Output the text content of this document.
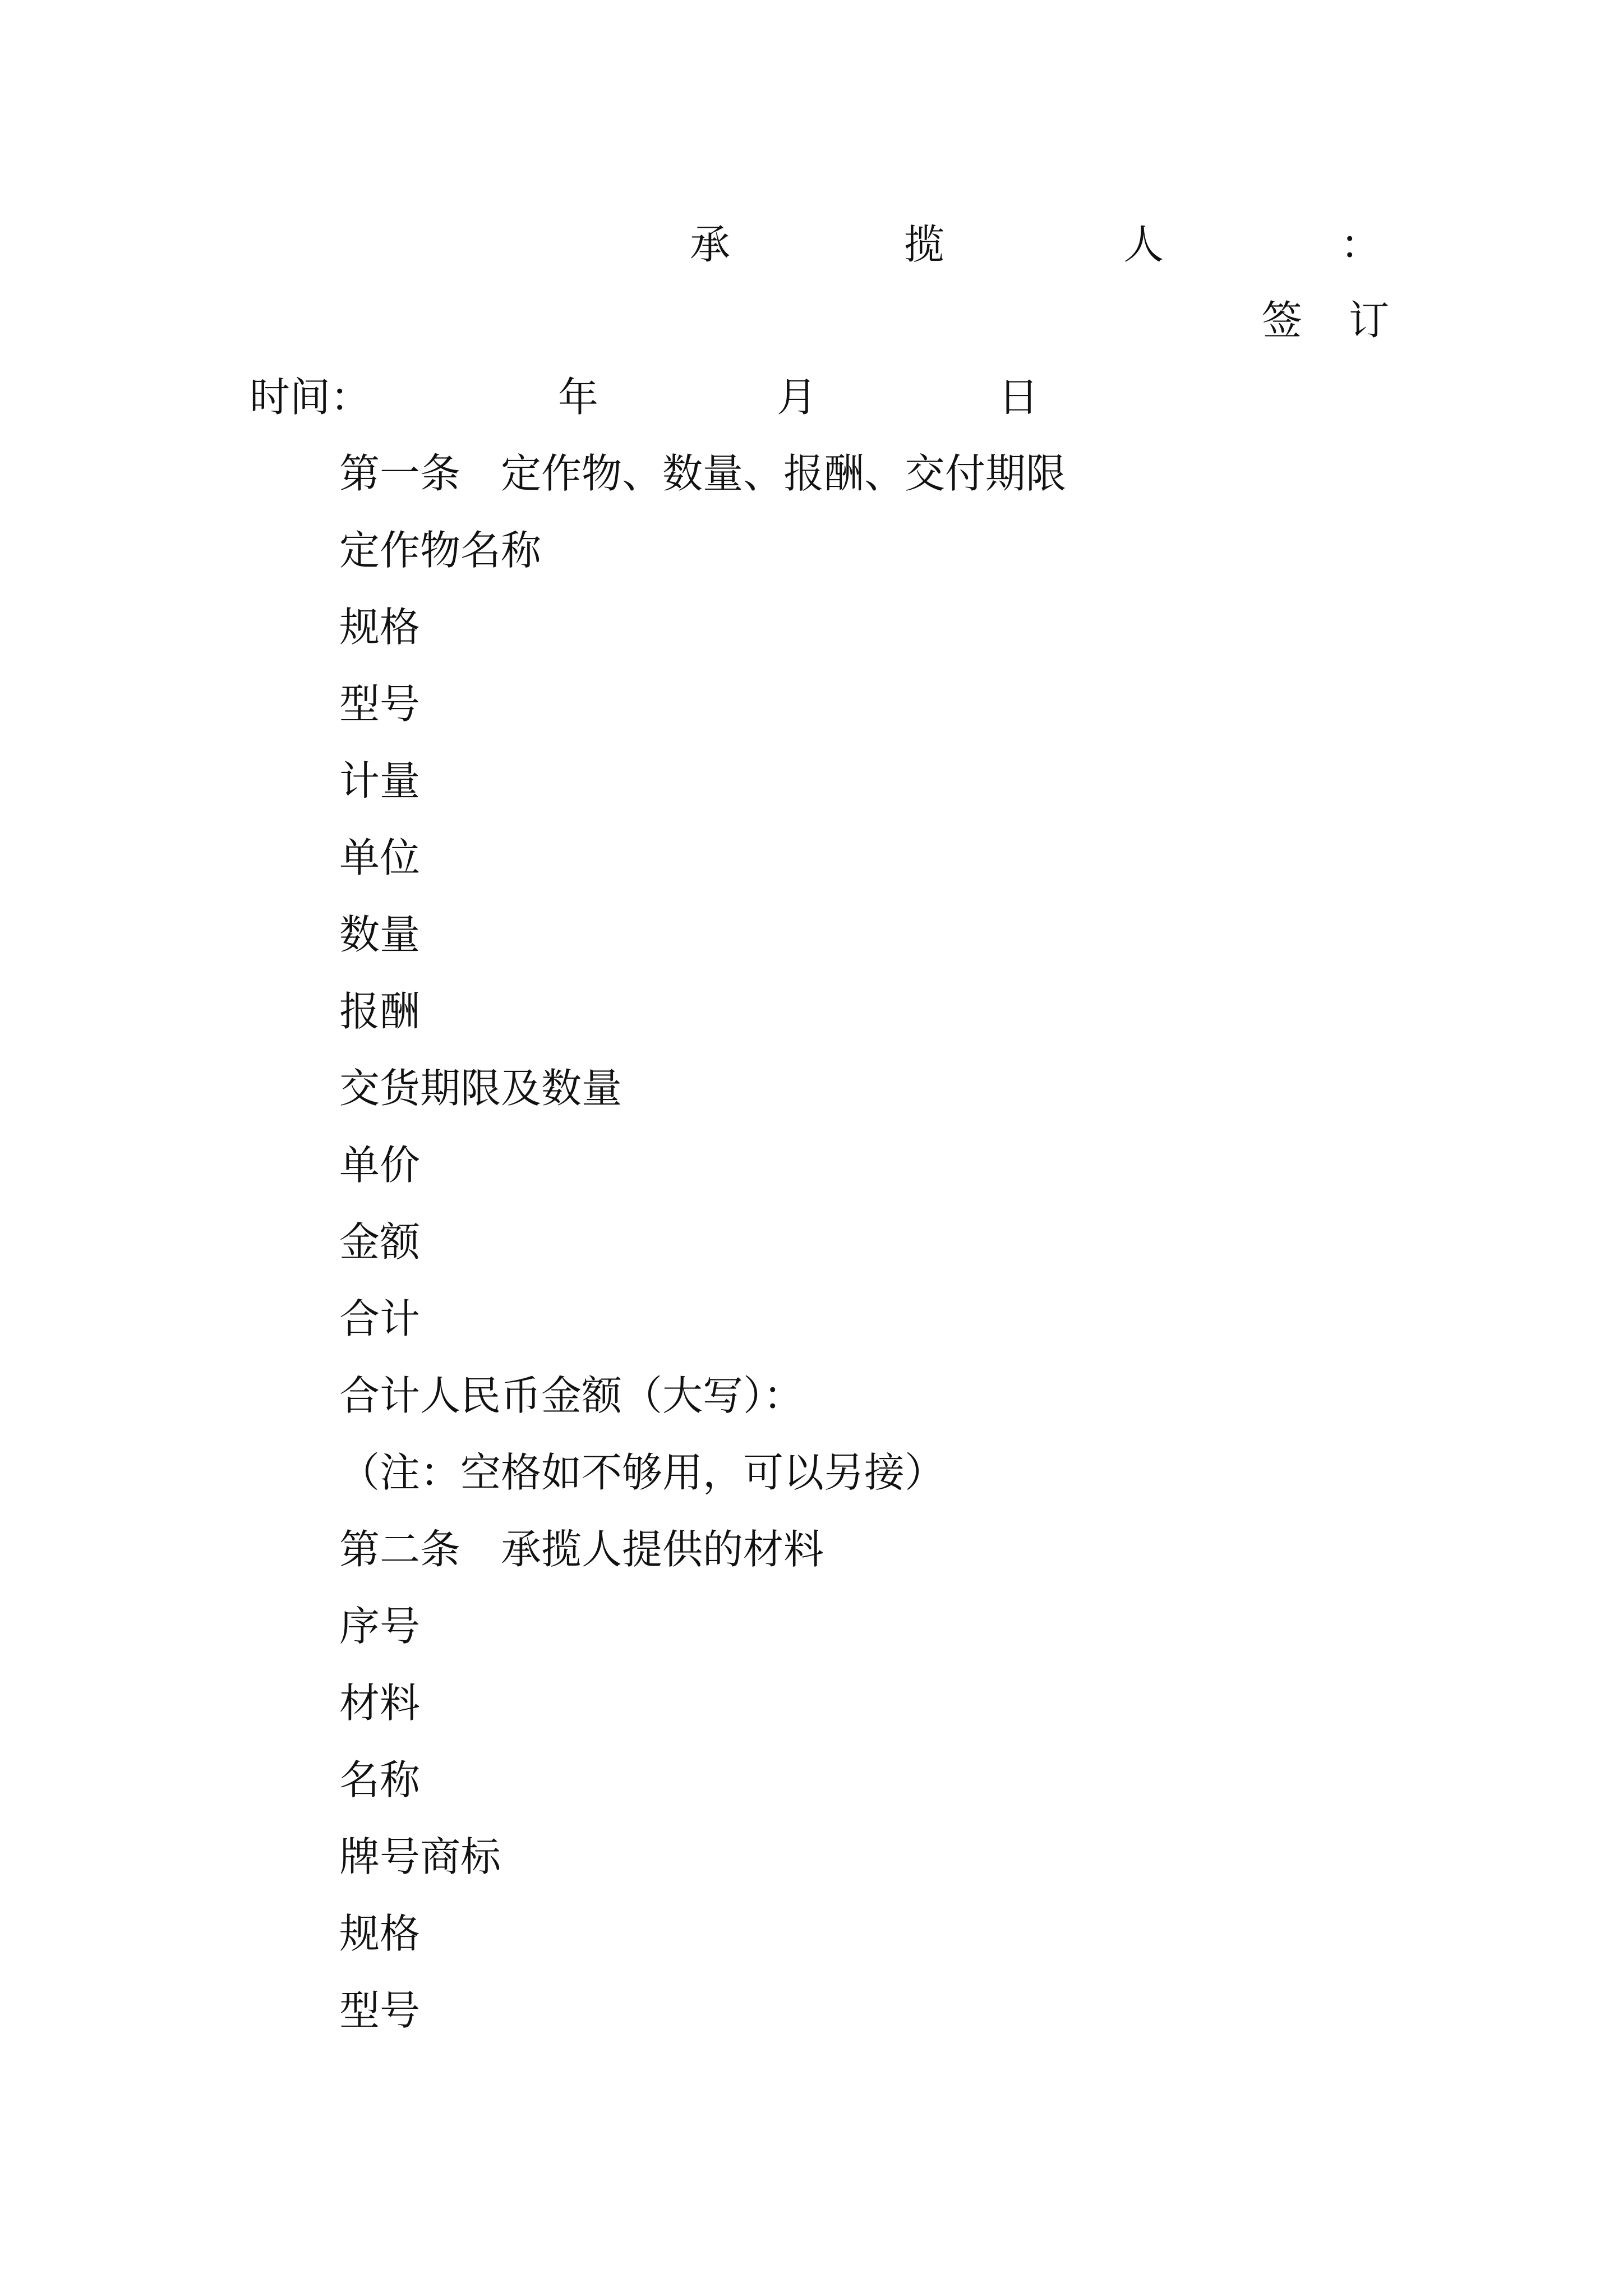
承	揽	人	：
签 订
时间：	年	月	日
第一条　定作物、数量、报酬、交付期限
定作物名称
规格
型号
计量
单位
数量
报酬
交货期限及数量
单价
金额
合计
合计人民币金额（大写）：
（注：空格如不够用，可以另接）
第二条　承揽人提供的材料
序号
材料
名称
牌号商标
规格
型号
